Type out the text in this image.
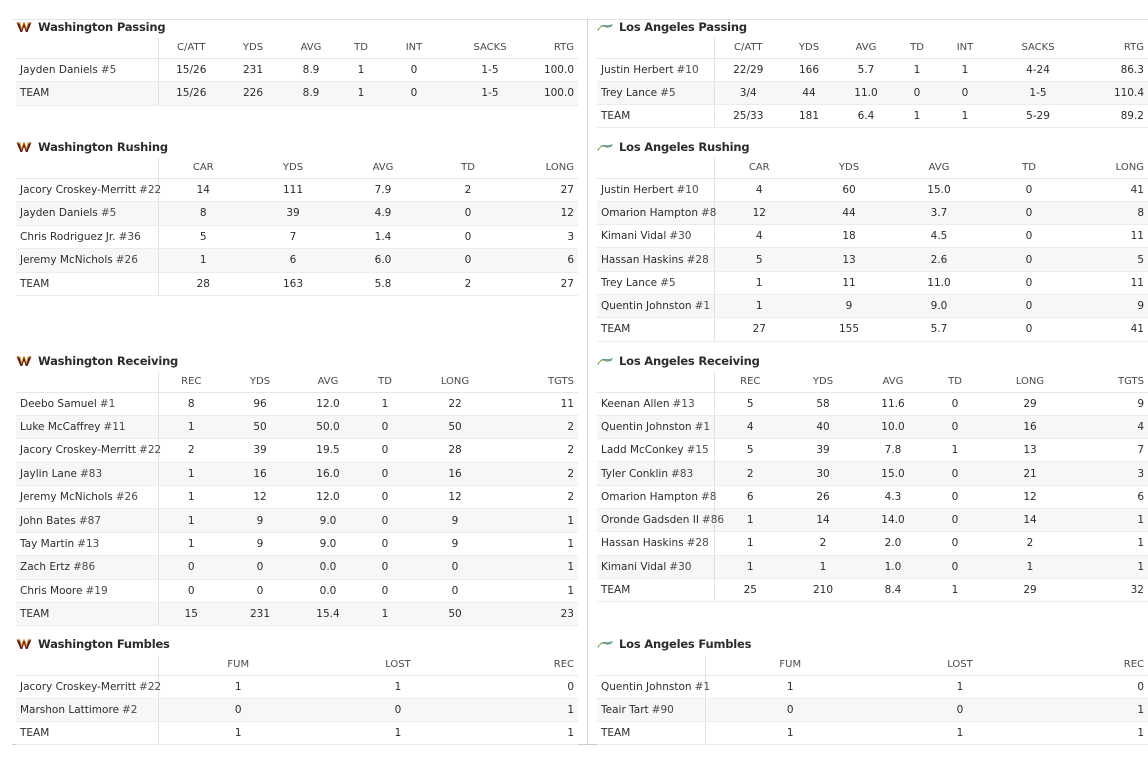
Washington Passing
	C/ATT	YDS	AVG	TD	INT	SACKS	RTG
Jayden Daniels #5	15/26	231	8.9	1	0	1-5	100.0
TEAM	15/26	226	8.9	1	0	1-5	100.0
Los Angeles Passing
	C/ATT	YDS	AVG	TD	INT	SACKS	RTG
Justin Herbert #10	22/29	166	5.7	1	1	4-24	86.3
Trey Lance #5	3/4	44	11.0	0	0	1-5	110.4
TEAM	25/33	181	6.4	1	1	5-29	89.2
Washington Rushing
	CAR	YDS	AVG	TD	LONG
Jacory Croskey-Merritt #22	14	111	7.9	2	27
Jayden Daniels #5	8	39	4.9	0	12
Chris Rodriguez Jr. #36	5	7	1.4	0	3
Jeremy McNichols #26	1	6	6.0	0	6
TEAM	28	163	5.8	2	27
Los Angeles Rushing
	CAR	YDS	AVG	TD	LONG
Justin Herbert #10	4	60	15.0	0	41
Omarion Hampton #8	12	44	3.7	0	8
Kimani Vidal #30	4	18	4.5	0	11
Hassan Haskins #28	5	13	2.6	0	5
Trey Lance #5	1	11	11.0	0	11
Quentin Johnston #1	1	9	9.0	0	9
TEAM	27	155	5.7	0	41
Washington Receiving
	REC	YDS	AVG	TD	LONG	TGTS
Deebo Samuel #1	8	96	12.0	1	22	11
Luke McCaffrey #11	1	50	50.0	0	50	2
Jacory Croskey-Merritt #22	2	39	19.5	0	28	2
Jaylin Lane #83	1	16	16.0	0	16	2
Jeremy McNichols #26	1	12	12.0	0	12	2
John Bates #87	1	9	9.0	0	9	1
Tay Martin #13	1	9	9.0	0	9	1
Zach Ertz #86	0	0	0.0	0	0	1
Chris Moore #19	0	0	0.0	0	0	1
TEAM	15	231	15.4	1	50	23
Los Angeles Receiving
	REC	YDS	AVG	TD	LONG	TGTS
Keenan Allen #13	5	58	11.6	0	29	9
Quentin Johnston #1	4	40	10.0	0	16	4
Ladd McConkey #15	5	39	7.8	1	13	7
Tyler Conklin #83	2	30	15.0	0	21	3
Omarion Hampton #8	6	26	4.3	0	12	6
Oronde Gadsden II #86	1	14	14.0	0	14	1
Hassan Haskins #28	1	2	2.0	0	2	1
Kimani Vidal #30	1	1	1.0	0	1	1
TEAM	25	210	8.4	1	29	32
Washington Fumbles
	FUM	LOST	REC
Jacory Croskey-Merritt #22	1	1	0
Marshon Lattimore #2	0	0	1
TEAM	1	1	1
Los Angeles Fumbles
	FUM	LOST	REC
Quentin Johnston #1	1	1	0
Teair Tart #90	0	0	1
TEAM	1	1	1
